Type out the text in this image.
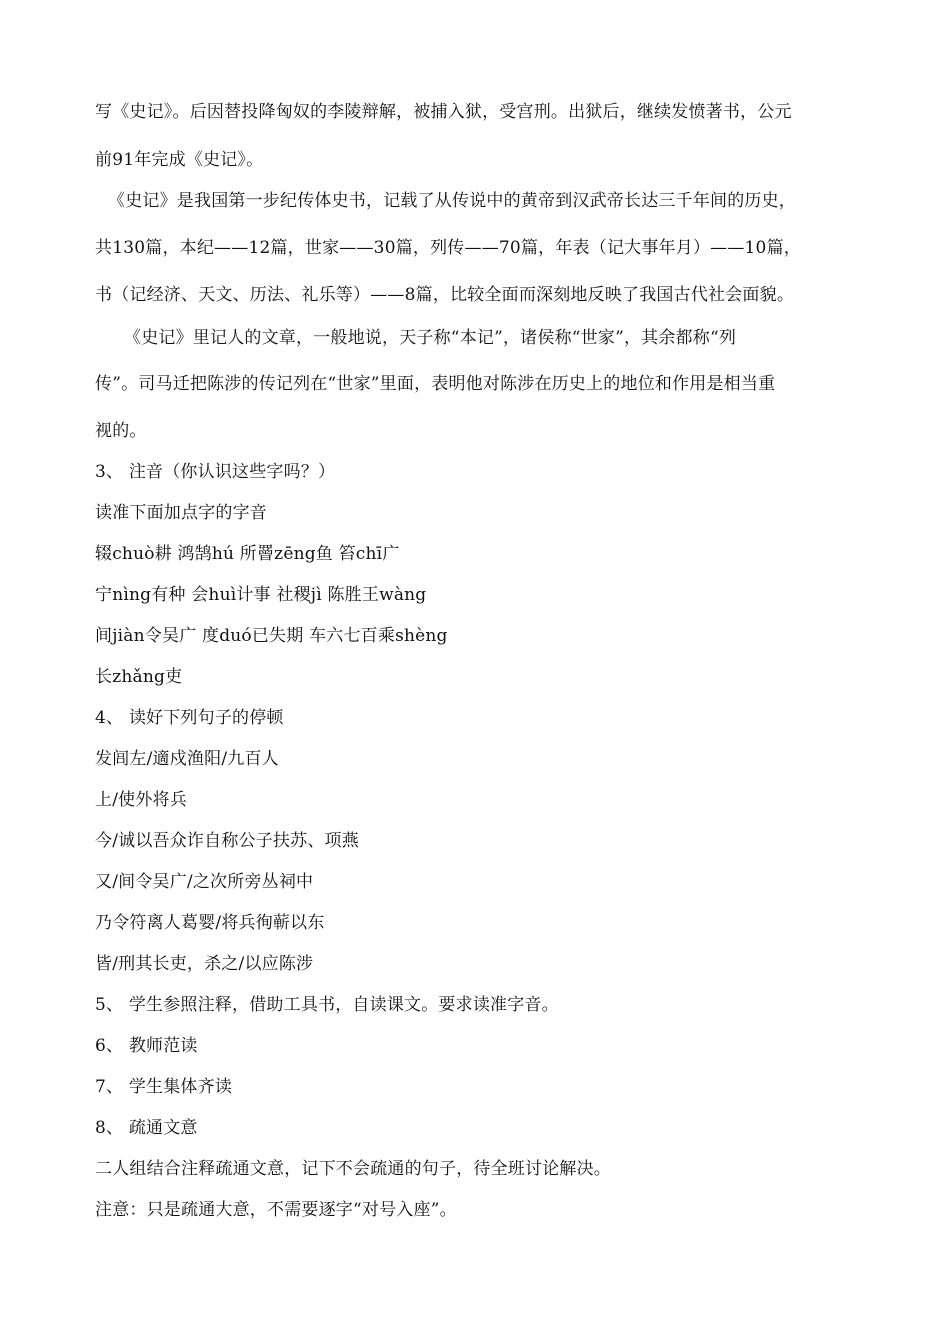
写《史记》。后因替投降匈奴的李陵辩解，被捕入狱，受宫刑。出狱后，继续发愤著书，公元
前91年完成《史记》。
《史记》是我国第一步纪传体史书，记载了从传说中的黄帝到汉武帝长达三千年间的历史，
共130篇，本纪——12篇，世家——30篇，列传——70篇，年表（记大事年月）——10篇，
书（记经济、天文、历法、礼乐等）——8篇，比较全面而深刻地反映了我国古代社会面貌。
《史记》里记人的文章，一般地说，天子称“本记”，诸侯称“世家”，其余都称“列
传”。司马迁把陈涉的传记列在“世家”里面，表明他对陈涉在历史上的地位和作用是相当重
视的。
3、 注音（你认识这些字吗？）
读准下面加点字的字音
辍chuò耕 鸿鹄hú 所罾zēng鱼 笞chī广
宁nìng有种 会huì计事 社稷jì 陈胜王wàng
间jiàn令吴广 度duó已失期 车六七百乘shèng
长zhǎng吏
4、 读好下列句子的停顿
发闾左/適戍渔阳/九百人
上/使外将兵
今/诚以吾众诈自称公子扶苏、项燕
又/间令吴广/之次所旁丛祠中
乃令符离人葛婴/将兵徇蕲以东
皆/刑其长吏，杀之/以应陈涉
5、 学生参照注释，借助工具书，自读课文。要求读准字音。
6、 教师范读
7、 学生集体齐读
8、 疏通文意
二人组结合注释疏通文意，记下不会疏通的句子，待全班讨论解决。
注意：只是疏通大意，不需要逐字“对号入座”。
